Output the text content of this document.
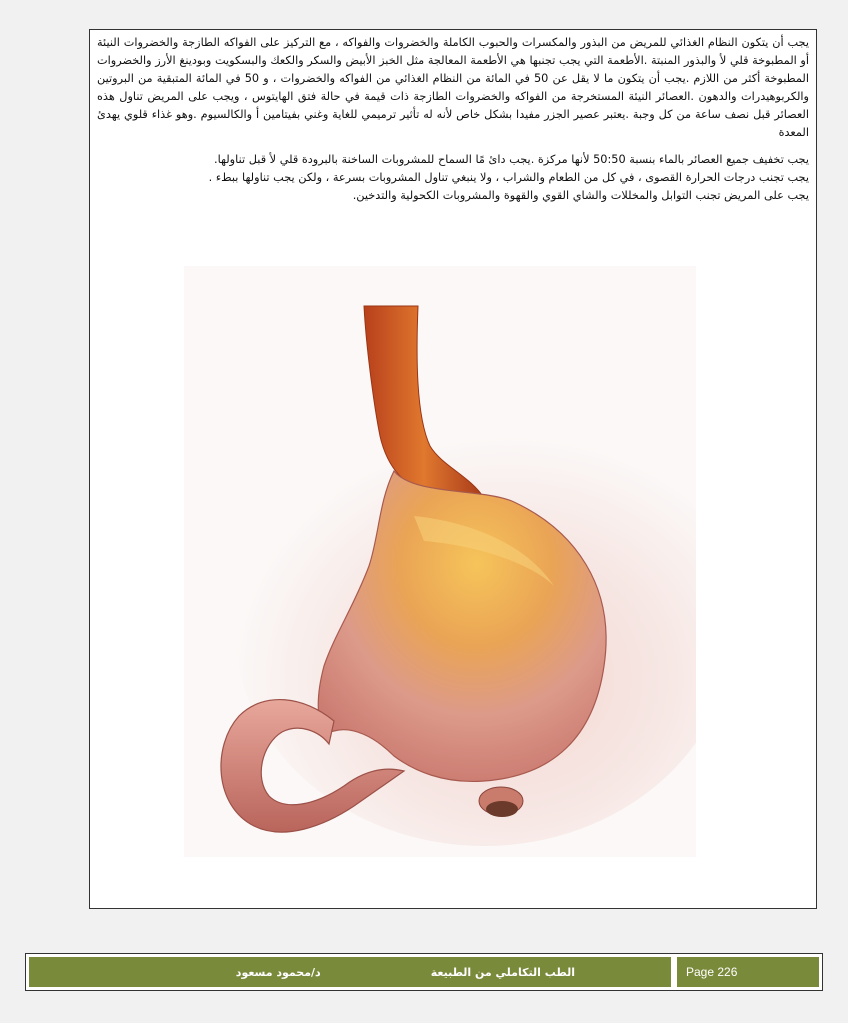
يجب أن يتكون النظام الغذائي للمريض من البذور والمكسرات والحبوب الكاملة والخضروات والفواكه ، مع التركيز على الفواكه الطازجة والخضروات النيئة أو المطبوخة قلي لأ والبذور المنبتة .الأطعمة التي يجب تجنبها هي الأطعمة المعالجة مثل الخبز الأبيض والسكر والكعك والبسكويت وبودينغ الأرز والخضروات المطبوخة أكثر من اللازم .يجب أن يتكون ما لا يقل عن 50 في المائة من النظام الغذائي من الفواكه والخضروات ، و 50 في المائة المتبقية من البروتين والكربوهيدرات والدهون .العصائر النيئة المستخرجة من الفواكه والخضروات الطازجة ذات قيمة في حالة فتق الهايتوس ، ويجب على المريض تناول هذه العصائر قبل نصف ساعة من كل وجبة .يعتبر عصير الجزر مفيدا بشكل خاص لأنه له تأثير ترميمي للغاية وغني بفيتامين أ والكالسيوم .وهو غذاء قلوي يهدئ المعدة

يجب تخفيف جميع العصائر بالماء بنسبة 50:50 لأنها مركزة .يجب دائ مًا السماح للمشروبات الساخنة بالبرودة قلي لأ قبل تناولها.
يجب تجنب درجات الحرارة القصوى ، في كل من الطعام والشراب ، ولا ينبغي تناول المشروبات بسرعة ، ولكن يجب تناولها ببطء .
يجب على المريض تجنب التوابل والمخللات والشاي القوي والقهوة والمشروبات الكحولية والتدخين.

الطب التكاملي من الطبيعة
د/محمود مسعود	Page 226
